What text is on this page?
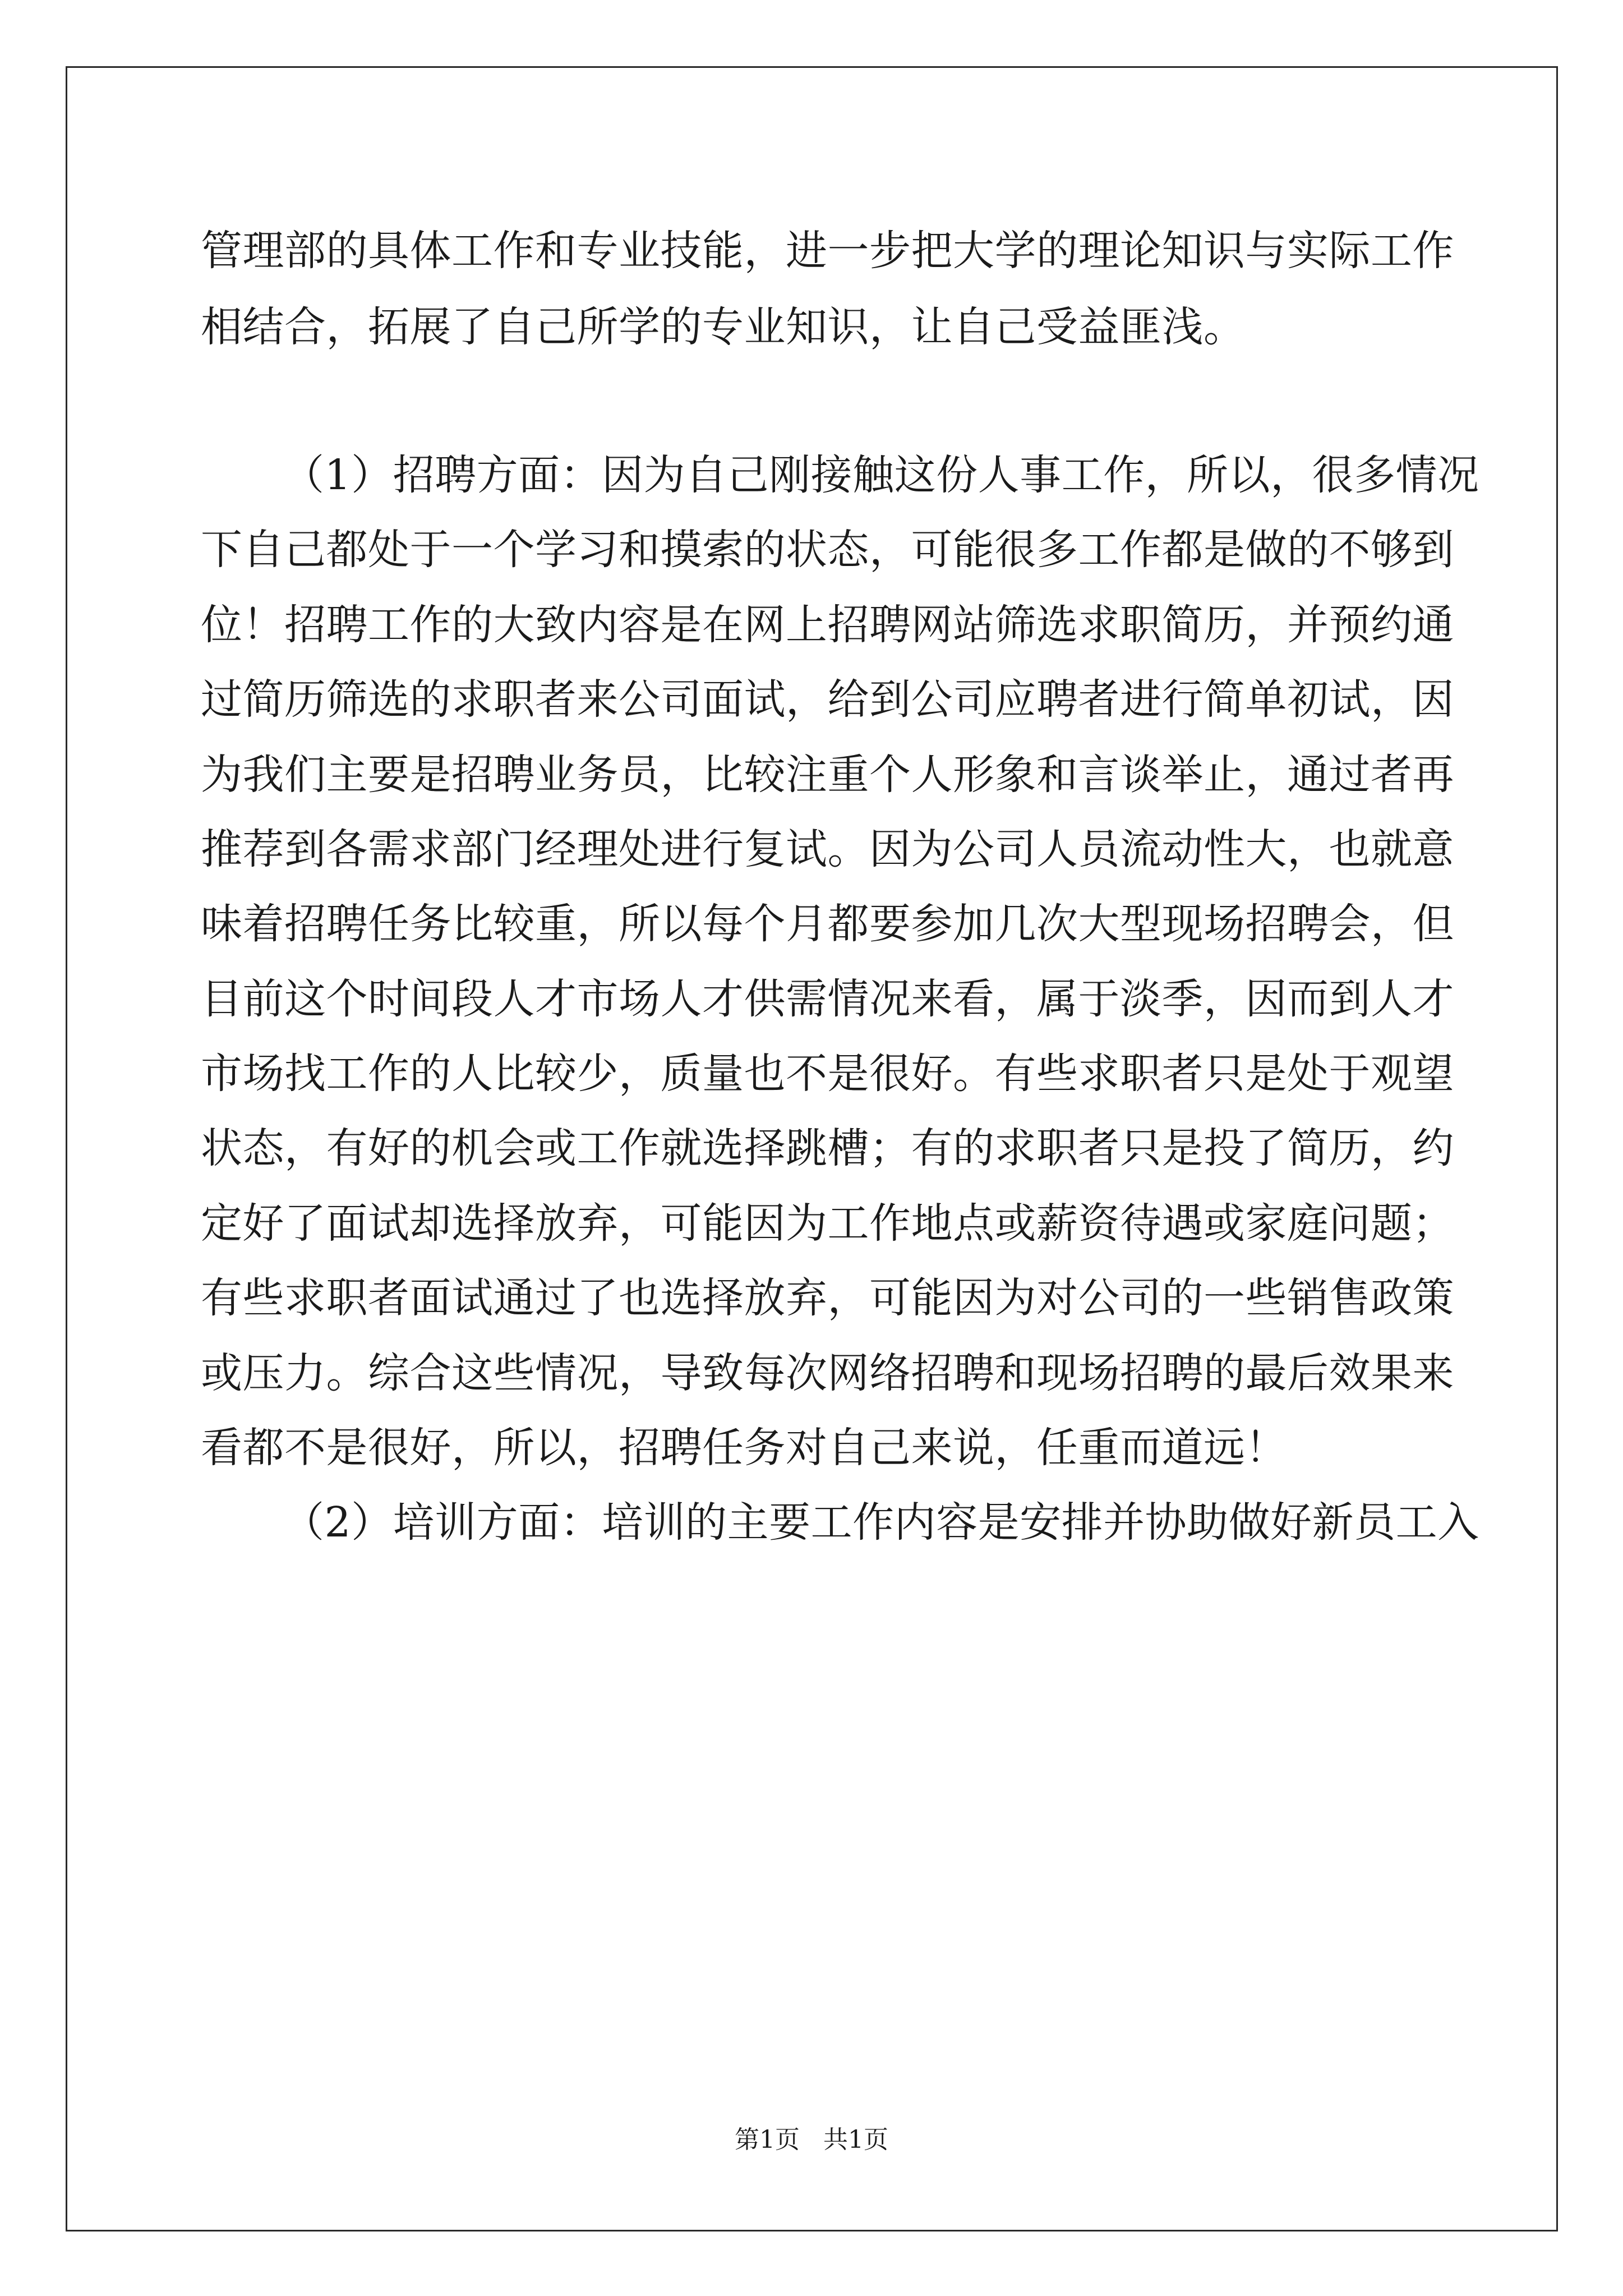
管理部的具体工作和专业技能，进一步把大学的理论知识与实际工作
相结合，拓展了自己所学的专业知识，让自己受益匪浅。
（1）招聘方面：因为自己刚接触这份人事工作，所以，很多情况
下自己都处于一个学习和摸索的状态，可能很多工作都是做的不够到
位！招聘工作的大致内容是在网上招聘网站筛选求职简历，并预约通
过简历筛选的求职者来公司面试，给到公司应聘者进行简单初试，因
为我们主要是招聘业务员，比较注重个人形象和言谈举止，通过者再
推荐到各需求部门经理处进行复试。因为公司人员流动性大，也就意
味着招聘任务比较重，所以每个月都要参加几次大型现场招聘会，但
目前这个时间段人才市场人才供需情况来看，属于淡季，因而到人才
市场找工作的人比较少，质量也不是很好。有些求职者只是处于观望
状态，有好的机会或工作就选择跳槽；有的求职者只是投了简历，约
定好了面试却选择放弃，可能因为工作地点或薪资待遇或家庭问题；
有些求职者面试通过了也选择放弃，可能因为对公司的一些销售政策
或压力。综合这些情况，导致每次网络招聘和现场招聘的最后效果来
看都不是很好，所以，招聘任务对自己来说，任重而道远！
（2）培训方面：培训的主要工作内容是安排并协助做好新员工入
第1页 共1页
